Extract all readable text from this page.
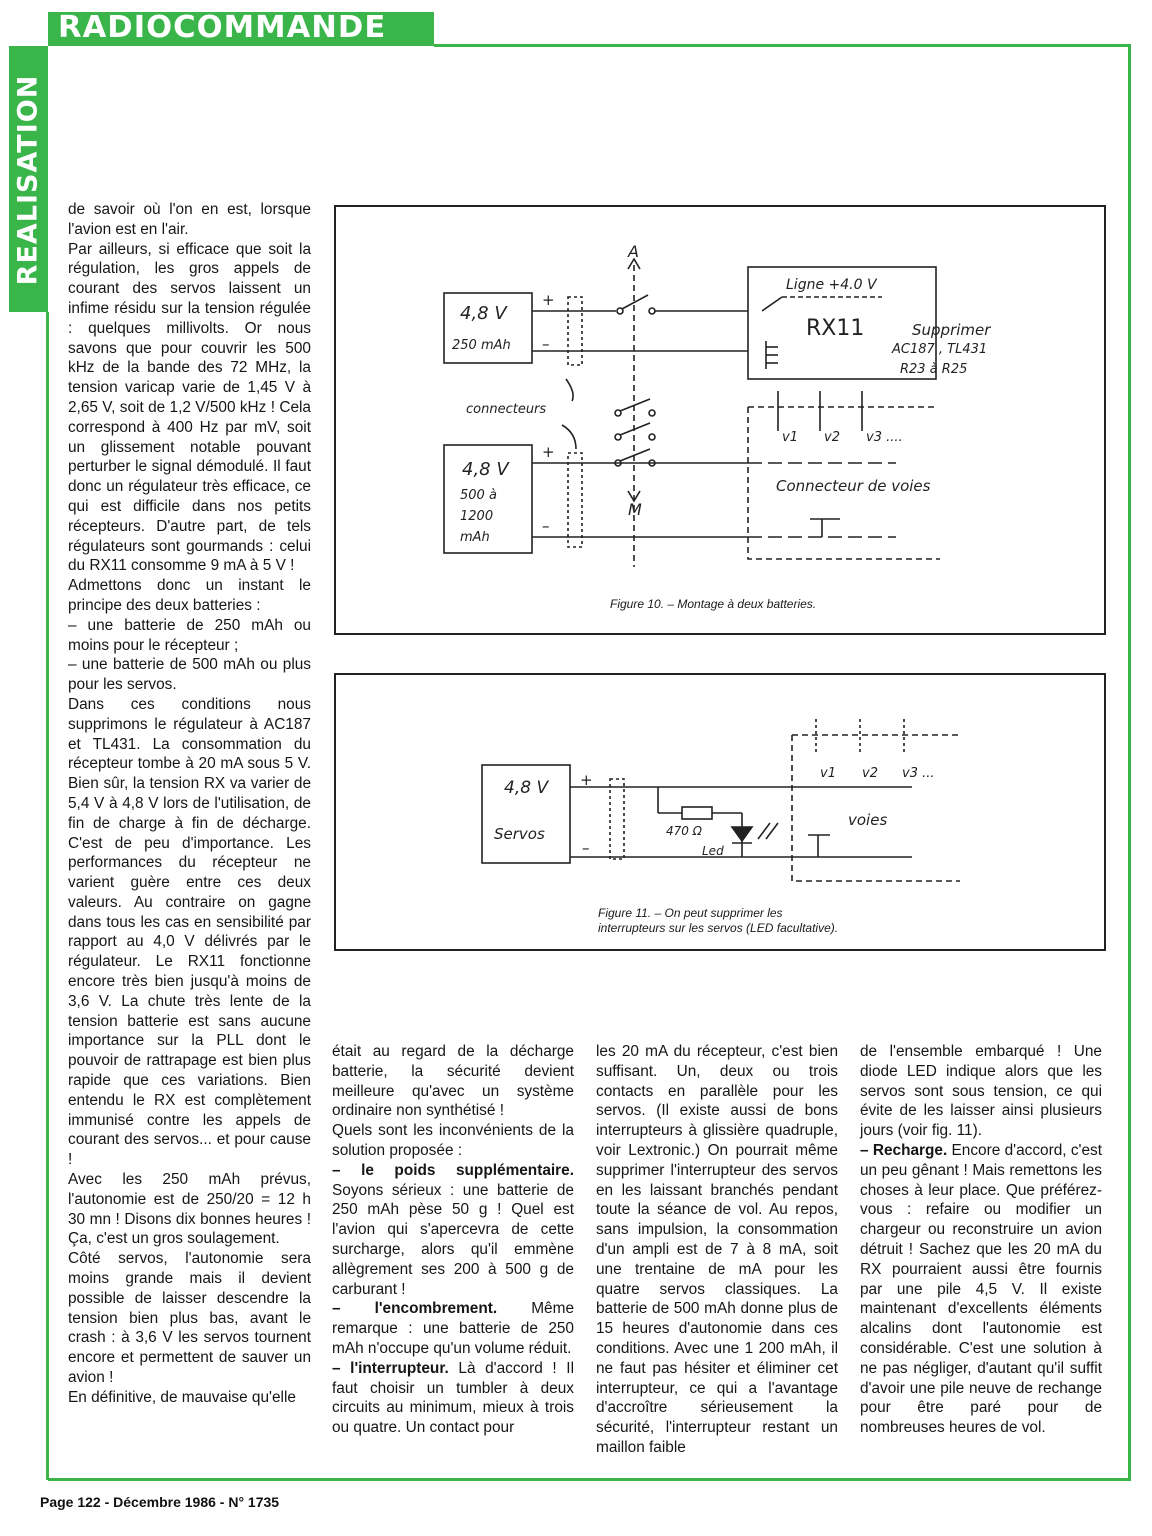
RADIOCOMMANDE
REALISATION de savoir où l'on en est, lorsque l'avion est en l'air.

Par ailleurs, si efficace que soit la régulation, les gros appels de courant des servos laissent un infime résidu sur la tension régulée : quelques millivolts. Or nous savons que pour couvrir les 500 kHz de la bande des 72 MHz, la tension varicap varie de 1,45 V à 2,65 V, soit de 1,2 V/500 kHz ! Cela correspond à 400 Hz par mV, soit un glissement notable pouvant perturber le signal démodulé. Il faut donc un régulateur très efficace, ce qui est difficile dans nos petits récepteurs. D'autre part, de tels régulateurs sont gourmands : celui du RX11 consomme 9 mA à 5 V !

Admettons donc un instant le principe des deux batteries :

– une batterie de 250 mAh ou moins pour le récepteur ;

– une batterie de 500 mAh ou plus pour les servos.

Dans ces conditions nous supprimons le régulateur à AC187 et TL431. La consommation du récepteur tombe à 20 mA sous 5 V. Bien sûr, la tension RX va varier de 5,4 V à 4,8 V lors de l'utilisation, de fin de charge à fin de décharge. C'est de peu d'importance. Les performances du récepteur ne varient guère entre ces deux valeurs. Au contraire on gagne dans tous les cas en sensibilité par rapport au 4,0 V délivrés par le régulateur. Le RX11 fonctionne encore très bien jusqu'à moins de 3,6 V. La chute très lente de la tension batterie est sans aucune importance sur la PLL dont le pouvoir de rattrapage est bien plus rapide que ces variations. Bien entendu le RX est complètement immunisé contre les appels de courant des servos... et pour cause !

Avec les 250 mAh prévus, l'autonomie est de 250/20 = 12 h 30 mn ! Disons dix bonnes heures ! Ça, c'est un gros soulagement.

Côté servos, l'autonomie sera moins grande mais il devient possible de laisser descendre la tension bien plus bas, avant le crash : à 3,6 V les servos tournent encore et permettent de sauver un avion !

En définitive, de mauvaise qu'elle

était au regard de la décharge batterie, la sécurité devient meilleure qu'avec un système ordinaire non synthétisé !

Quels sont les inconvénients de la solution proposée :

– le poids supplémentaire. Soyons sérieux : une batterie de 250 mAh pèse 50 g ! Quel est l'avion qui s'apercevra de cette surcharge, alors qu'il emmène allègrement ses 200 à 500 g de carburant !

– l'encombrement. Même remarque : une batterie de 250 mAh n'occupe qu'un volume réduit.

– l'interrupteur. Là d'accord ! Il faut choisir un tumbler à deux circuits au minimum, mieux à trois ou quatre. Un contact pour

les 20 mA du récepteur, c'est bien suffisant. Un, deux ou trois contacts en parallèle pour les servos. (Il existe aussi de bons interrupteurs à glissière quadruple, voir Lextronic.) On pourrait même supprimer l'interrupteur des servos en les laissant branchés pendant toute la séance de vol. Au repos, sans impulsion, la consommation d'un ampli est de 7 à 8 mA, soit une trentaine de mA pour les quatre servos classiques. La batterie de 500 mAh donne plus de 15 heures d'autonomie dans ces conditions. Avec une 1 200 mAh, il ne faut pas hésiter et éliminer cet interrupteur, ce qui a l'avantage d'accroître sérieusement la sécurité, l'interrupteur restant un maillon faible

de l'ensemble embarqué ! Une diode LED indique alors que les servos sont sous tension, ce qui évite de les laisser ainsi plusieurs jours (voir fig. 11).

– Recharge. Encore d'accord, c'est un peu gênant ! Mais remettons les choses à leur place. Que préférez-vous : refaire ou modifier un chargeur ou reconstruire un avion détruit ! Sachez que les 20 mA du RX pourraient aussi être fournis par une pile 4,5 V. Il existe maintenant d'excellents éléments alcalins dont l'autonomie est considérable. C'est une solution à ne pas négliger, d'autant qu'il suffit d'avoir une pile neuve de rechange pour être paré pour de nombreuses heures de vol.

4,8 V
250 mAh
+
–
4,8 V
500 à
1200
mAh
+
–
connecteurs
A
M
Ligne +4.0 V
RX11	Supprimer
AC187 , TL431
R23 à R25
v1 v2 v3 ....
Connecteur de voies
Figure 10. – Montage à deux batteries.
4,8 V
Servos
+
–
470 Ω
Led
v1 v2 v3 ...
voies
Figure 11. – On peut supprimer les interrupteurs sur les servos (LED facultative).
Page 122 - Décembre 1986 - N° 1735
